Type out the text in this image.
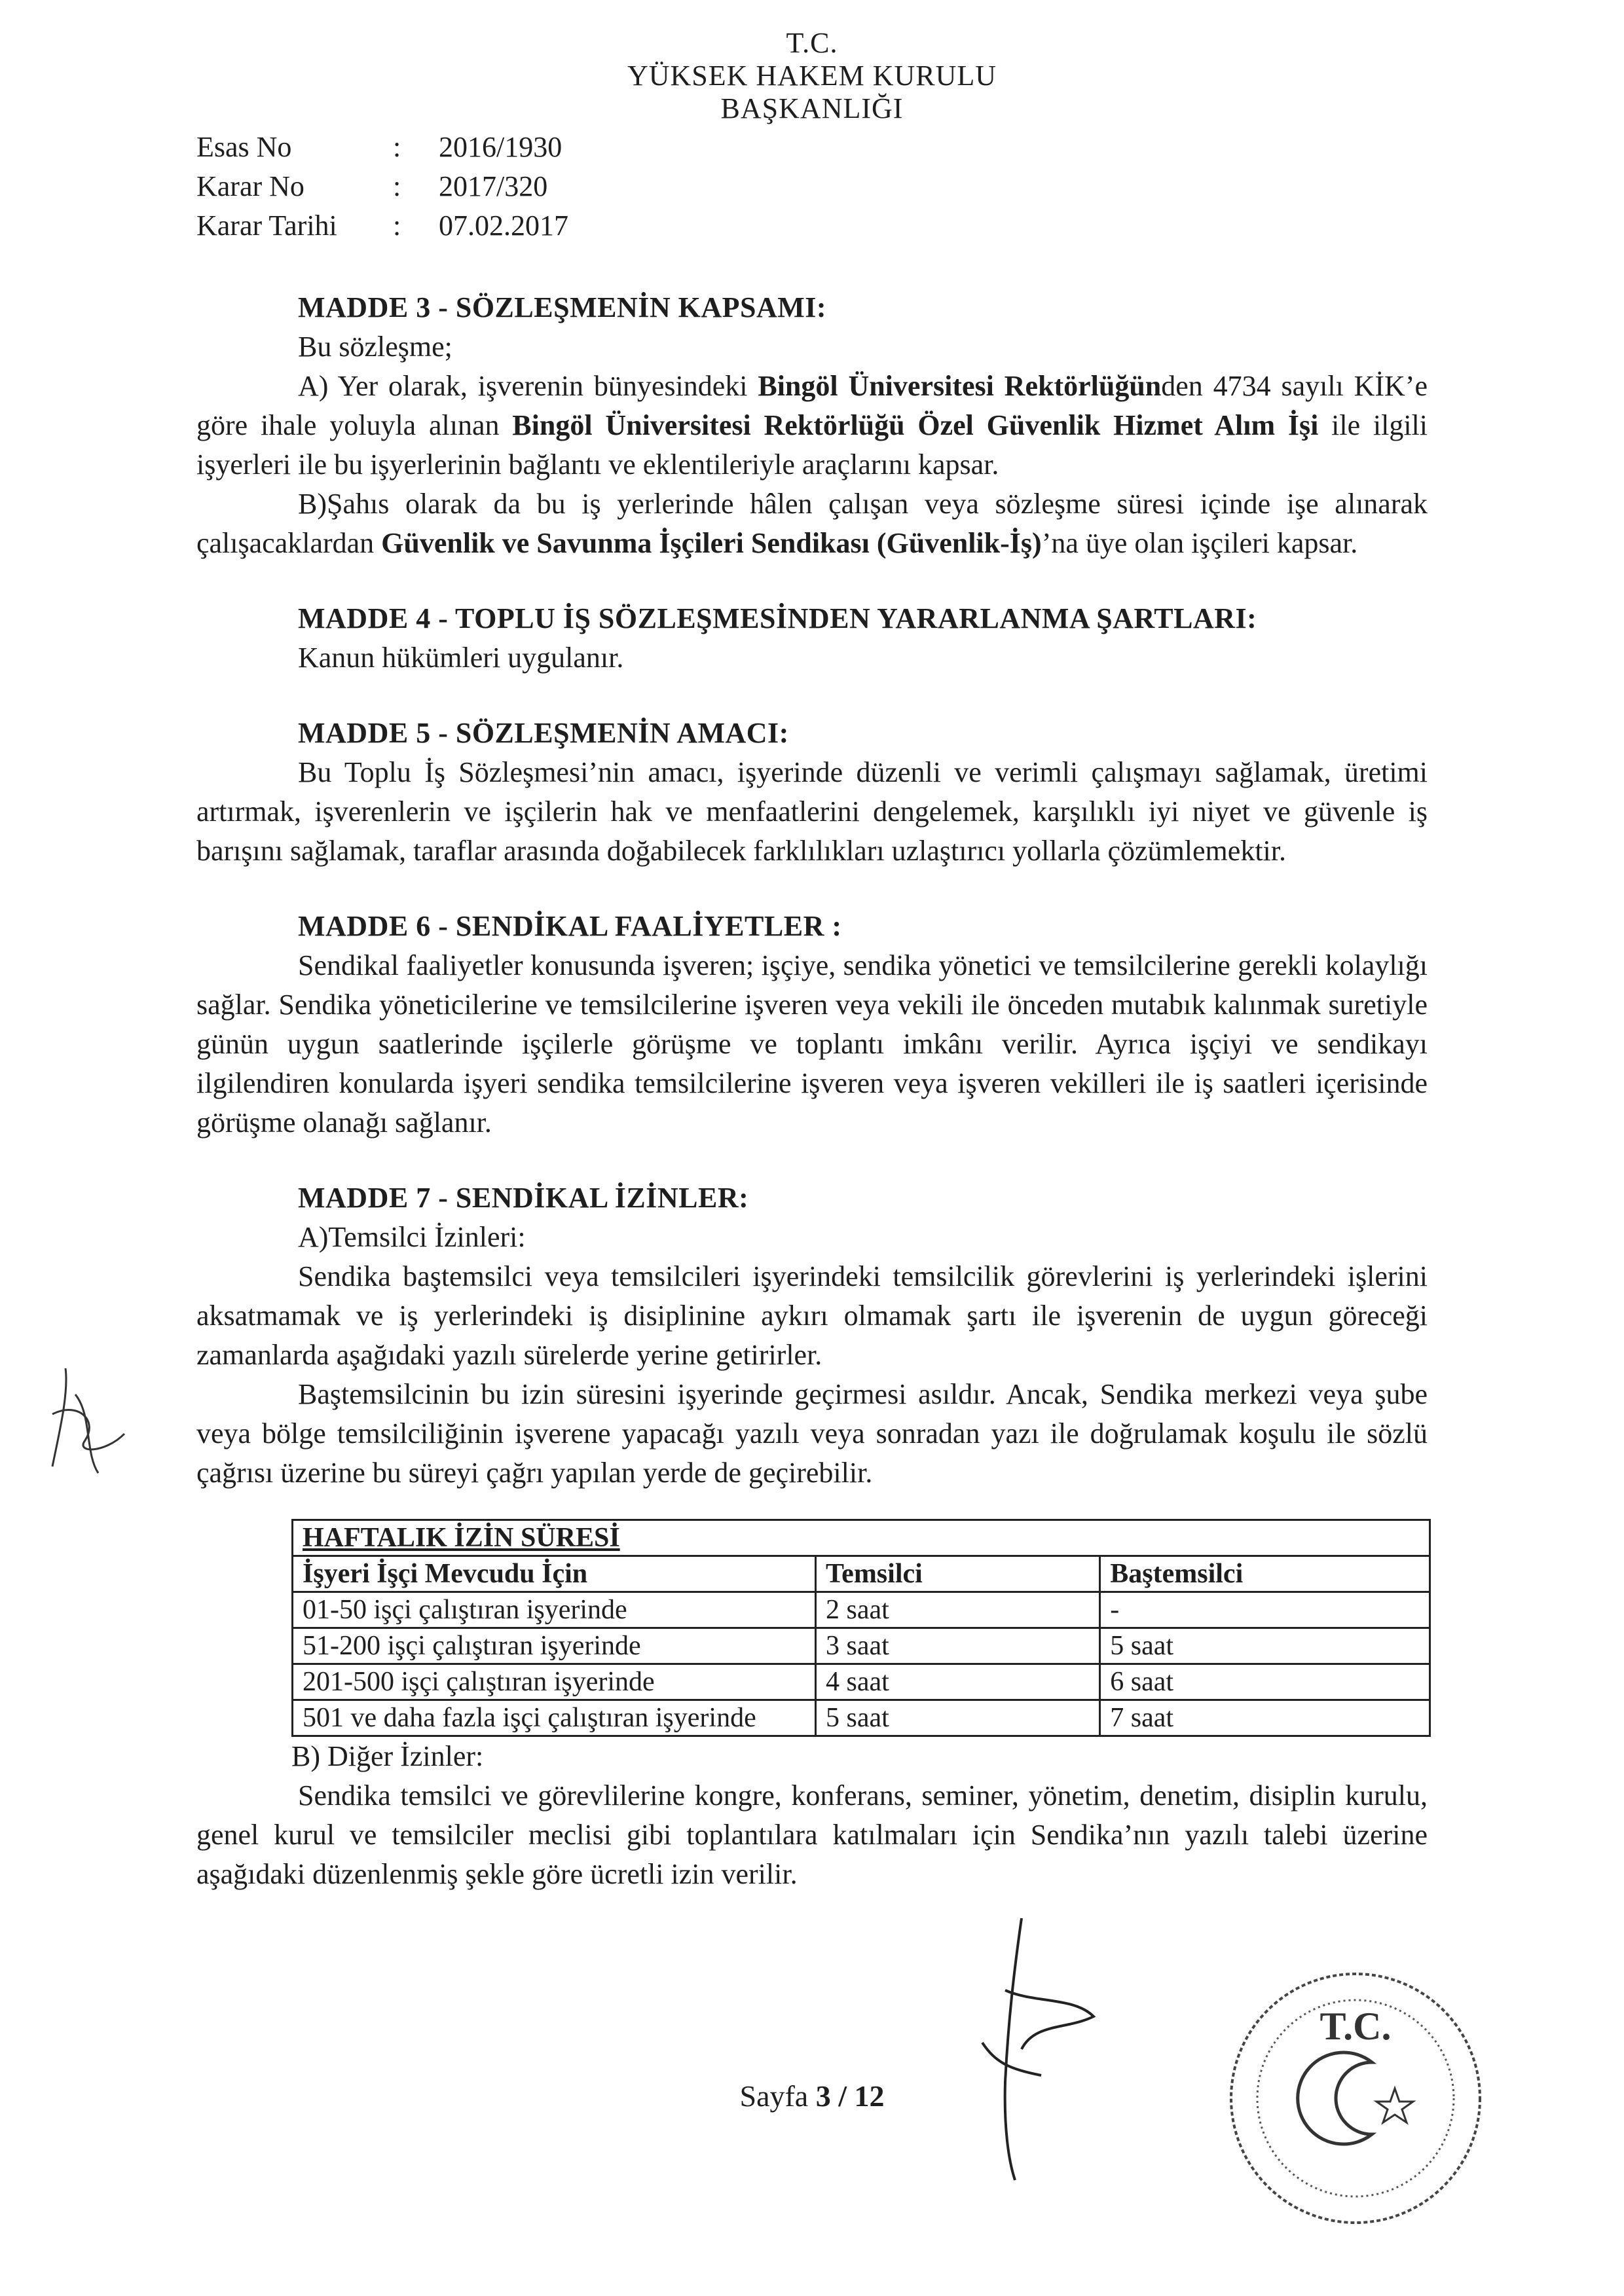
T.C.
YÜKSEK HAKEM KURULU
BAŞKANLIĞI
Esas No	:	2016/1930
Karar No	:	2017/320
Karar Tarihi	:	07.02.2017

MADDE 3 - SÖZLEŞMENİN KAPSAMI:

Bu sözleşme;

A) Yer olarak, işverenin bünyesindeki Bingöl Üniversitesi Rektörlüğünden 4734 sayılı KİK’e göre ihale yoluyla alınan Bingöl Üniversitesi Rektörlüğü Özel Güvenlik Hizmet Alım İşi ile ilgili işyerleri ile bu işyerlerinin bağlantı ve eklentileriyle araçlarını kapsar.

B)Şahıs olarak da bu iş yerlerinde hâlen çalışan veya sözleşme süresi içinde işe alınarak çalışacaklardan Güvenlik ve Savunma İşçileri Sendikası (Güvenlik-İş)’na üye olan işçileri kapsar.

MADDE 4 - TOPLU İŞ SÖZLEŞMESİNDEN YARARLANMA ŞARTLARI:

Kanun hükümleri uygulanır.

MADDE 5 - SÖZLEŞMENİN AMACI:

Bu Toplu İş Sözleşmesi’nin amacı, işyerinde düzenli ve verimli çalışmayı sağlamak, üretimi artırmak, işverenlerin ve işçilerin hak ve menfaatlerini dengelemek, karşılıklı iyi niyet ve güvenle iş barışını sağlamak, taraflar arasında doğabilecek farklılıkları uzlaştırıcı yollarla çözümlemektir.

MADDE 6 - SENDİKAL FAALİYETLER :

Sendikal faaliyetler konusunda işveren; işçiye, sendika yönetici ve temsilcilerine gerekli kolaylığı sağlar. Sendika yöneticilerine ve temsilcilerine işveren veya vekili ile önceden mutabık kalınmak suretiyle günün uygun saatlerinde işçilerle görüşme ve toplantı imkânı verilir. Ayrıca işçiyi ve sendikayı ilgilendiren konularda işyeri sendika temsilcilerine işveren veya işveren vekilleri ile iş saatleri içerisinde görüşme olanağı sağlanır.

MADDE 7 - SENDİKAL İZİNLER:

A)Temsilci İzinleri:

Sendika baştemsilci veya temsilcileri işyerindeki temsilcilik görevlerini iş yerlerindeki işlerini aksatmamak ve iş yerlerindeki iş disiplinine aykırı olmamak şartı ile işverenin de uygun göreceği zamanlarda aşağıdaki yazılı sürelerde yerine getirirler.

Baştemsilcinin bu izin süresini işyerinde geçirmesi asıldır. Ancak, Sendika merkezi veya şube veya bölge temsilciliğinin işverene yapacağı yazılı veya sonradan yazı ile doğrulamak koşulu ile sözlü çağrısı üzerine bu süreyi çağrı yapılan yerde de geçirebilir.

HAFTALIK İZİN SÜRESİ		
İşyeri İşçi Mevcudu İçin	Temsilci	Baştemsilci
01-50 işçi çalıştıran işyerinde	2 saat	-
51-200 işçi çalıştıran işyerinde	3 saat	5 saat
201-500 işçi çalıştıran işyerinde	4 saat	6 saat
501 ve daha fazla işçi çalıştıran işyerinde	5 saat	7 saat

B) Diğer İzinler:

Sendika temsilci ve görevlilerine kongre, konferans, seminer, yönetim, denetim, disiplin kurulu, genel kurul ve temsilciler meclisi gibi toplantılara katılmaları için Sendika’nın yazılı talebi üzerine aşağıdaki düzenlenmiş şekle göre ücretli izin verilir.

Sayfa 3 / 12
T.C.
